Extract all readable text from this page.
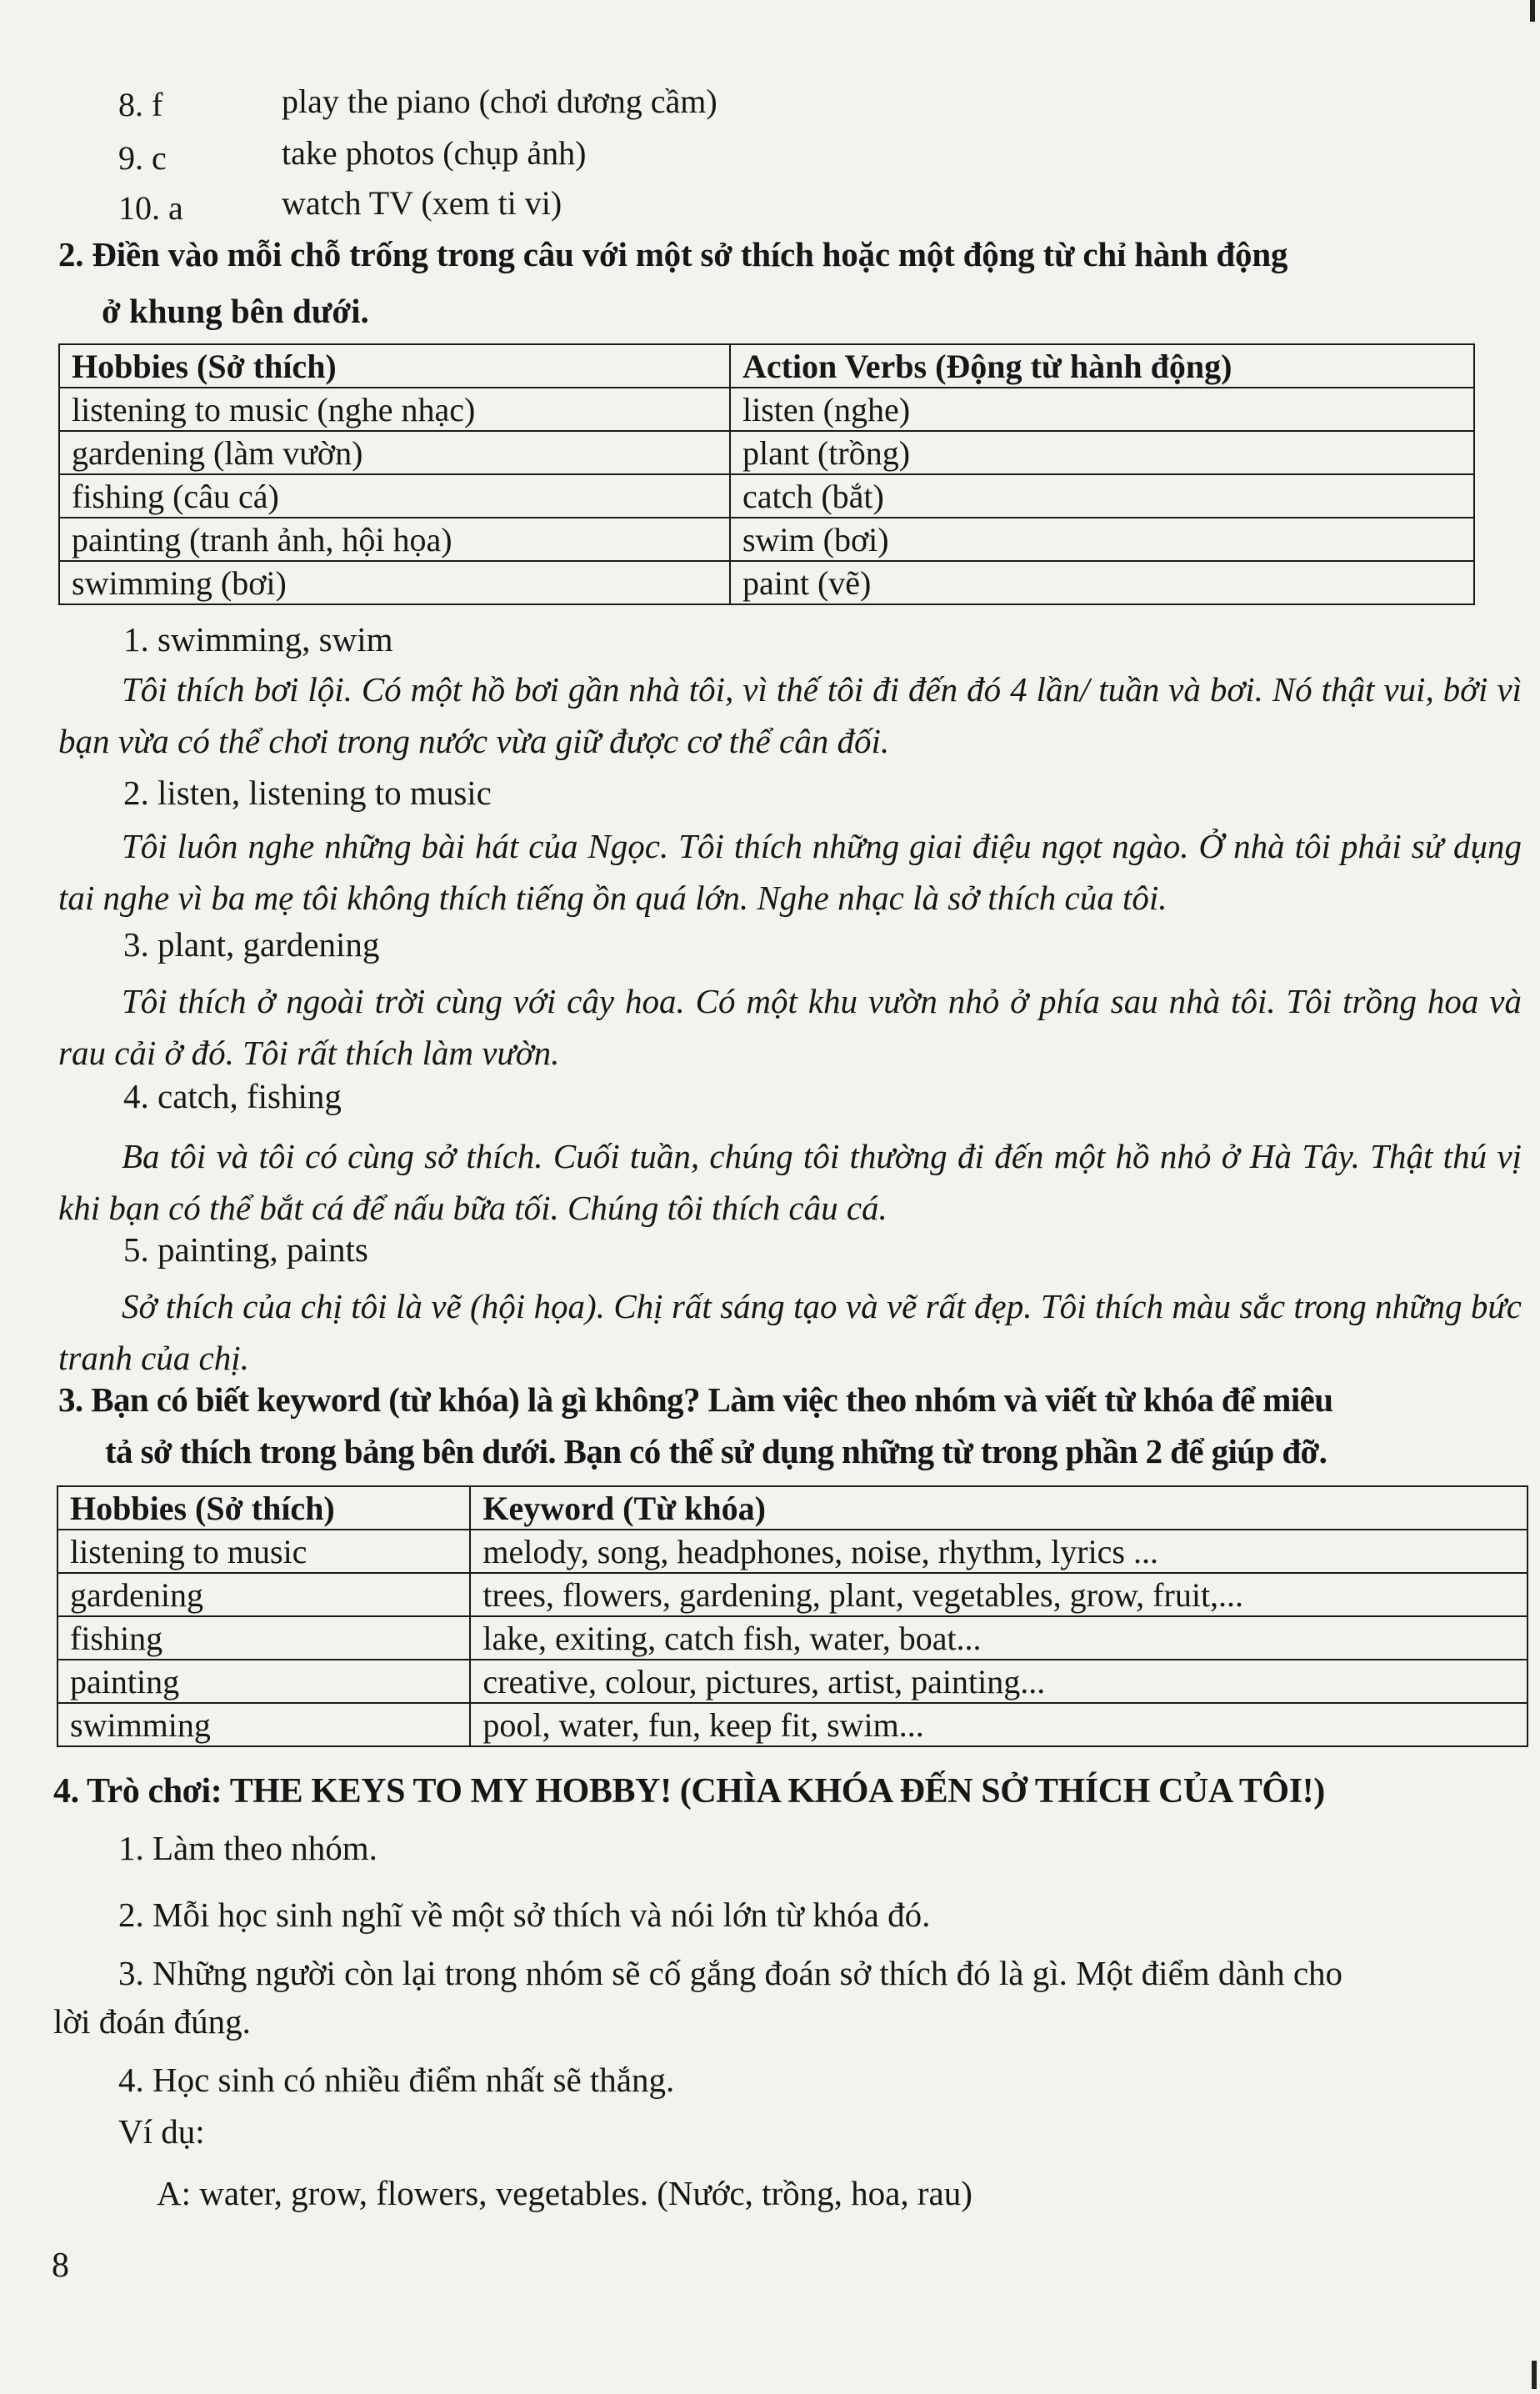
8. f	play the piano (chơi dương cầm)
9. c	take photos (chụp ảnh)
10. a	watch TV (xem ti vi)
2. Điền vào mỗi chỗ trống trong câu với một sở thích hoặc một động từ chỉ hành động
ở khung bên dưới.
Hobbies (Sở thích)	Action Verbs (Động từ hành động)
listening to music (nghe nhạc)	listen (nghe)
gardening (làm vườn)	plant (trồng)
fishing (câu cá)	catch (bắt)
painting (tranh ảnh, hội họa)	swim (bơi)
swimming (bơi)	paint (vẽ)
1. swimming, swim
Tôi thích bơi lội. Có một hồ bơi gần nhà tôi, vì thế tôi đi đến đó 4 lần/ tuần và bơi. Nó thật vui, bởi vì bạn vừa có thể chơi trong nước vừa giữ được cơ thể cân đối.
2. listen, listening to music
Tôi luôn nghe những bài hát của Ngọc. Tôi thích những giai điệu ngọt ngào. Ở nhà tôi phải sử dụng tai nghe vì ba mẹ tôi không thích tiếng ồn quá lớn. Nghe nhạc là sở thích của tôi.
3. plant, gardening
Tôi thích ở ngoài trời cùng với cây hoa. Có một khu vườn nhỏ ở phía sau nhà tôi. Tôi trồng hoa và rau cải ở đó. Tôi rất thích làm vườn.
4. catch, fishing
Ba tôi và tôi có cùng sở thích. Cuối tuần, chúng tôi thường đi đến một hồ nhỏ ở Hà Tây. Thật thú vị khi bạn có thể bắt cá để nấu bữa tối. Chúng tôi thích câu cá.
5. painting, paints
Sở thích của chị tôi là vẽ (hội họa). Chị rất sáng tạo và vẽ rất đẹp. Tôi thích màu sắc trong những bức tranh của chị.
3. Bạn có biết keyword (từ khóa) là gì không? Làm việc theo nhóm và viết từ khóa để miêu
tả sở thích trong bảng bên dưới. Bạn có thể sử dụng những từ trong phần 2 để giúp đỡ.
Hobbies (Sở thích)	Keyword (Từ khóa)
listening to music	melody, song, headphones, noise, rhythm, lyrics ...
gardening	trees, flowers, gardening, plant, vegetables, grow, fruit,...
fishing	lake, exiting, catch fish, water, boat...
painting	creative, colour, pictures, artist, painting...
swimming	pool, water, fun, keep fit, swim...
4. Trò chơi: THE KEYS TO MY HOBBY! (CHÌA KHÓA ĐẾN SỞ THÍCH CỦA TÔI!)
1. Làm theo nhóm.
2. Mỗi học sinh nghĩ về một sở thích và nói lớn từ khóa đó.
3. Những người còn lại trong nhóm sẽ cố gắng đoán sở thích đó là gì. Một điểm dành cho
lời đoán đúng.
4. Học sinh có nhiều điểm nhất sẽ thắng.
Ví dụ:
A: water, grow, flowers, vegetables. (Nước, trồng, hoa, rau)
8
